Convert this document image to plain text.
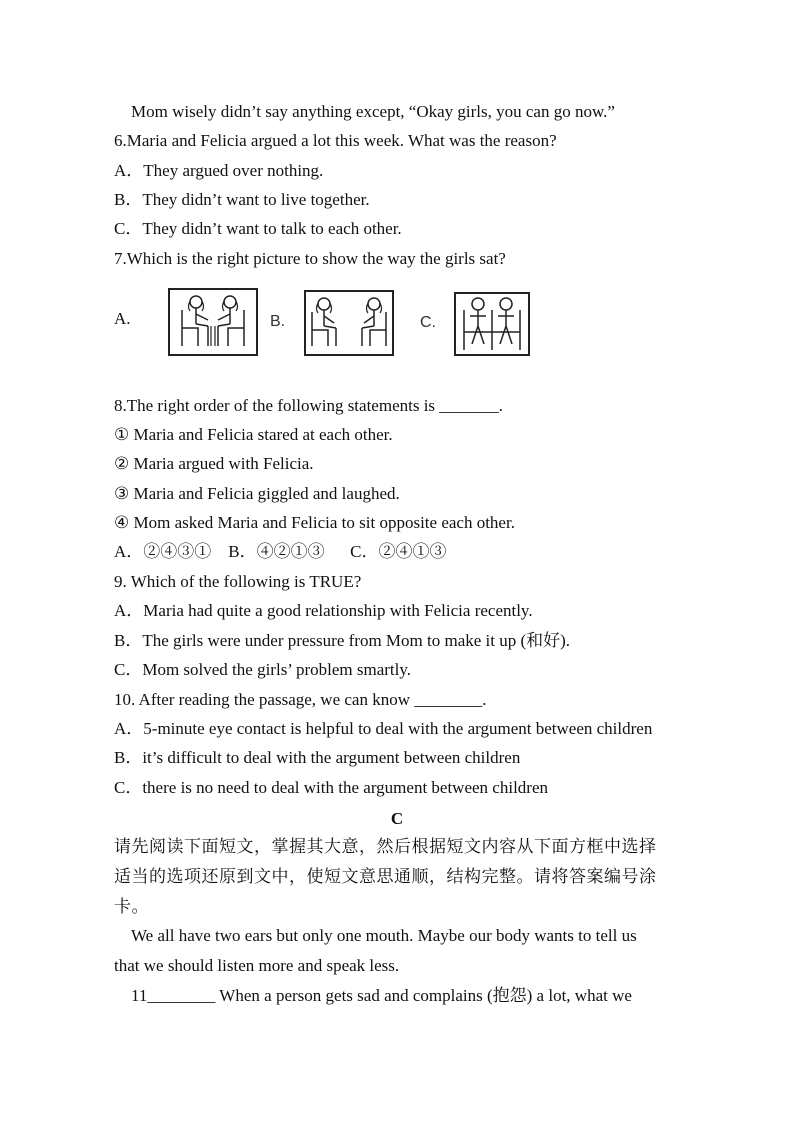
Mom wisely didn’t say anything except, “Okay girls, you can go now.”
6.Maria and Felicia argued a lot this week. What was the reason?
A．They argued over nothing.
B．They didn’t want to live together.
C．They didn’t want to talk to each other.
7.Which is the right picture to show the way the girls sat?
A.	B.	C.
8.The right order of the following statements is _______.
① Maria and Felicia stared at each other.
② Maria argued with Felicia.
③ Maria and Felicia giggled and laughed.
④ Mom asked Maria and Felicia to sit opposite each other.
A．②④③①    B．④②①③      C．②④①③
9. Which of the following is TRUE?
A．Maria had quite a good relationship with Felicia recently.
B．The girls were under pressure from Mom to make it up (和好).
C．Mom solved the girls’ problem smartly.
10. After reading the passage, we can know ________.
A．5-minute eye contact is helpful to deal with the argument between children
B．it’s difficult to deal with the argument between children
C．there is no need to deal with the argument between children
C
请先阅读下面短文，掌握其大意，然后根据短文内容从下面方框中选择
适当的选项还原到文中，使短文意思通顺，结构完整。请将答案编号涂
卡。
We all have two ears but only one mouth. Maybe our body wants to tell us
that we should listen more and speak less.
11________ When a person gets sad and complains (抱怨) a lot, what we
